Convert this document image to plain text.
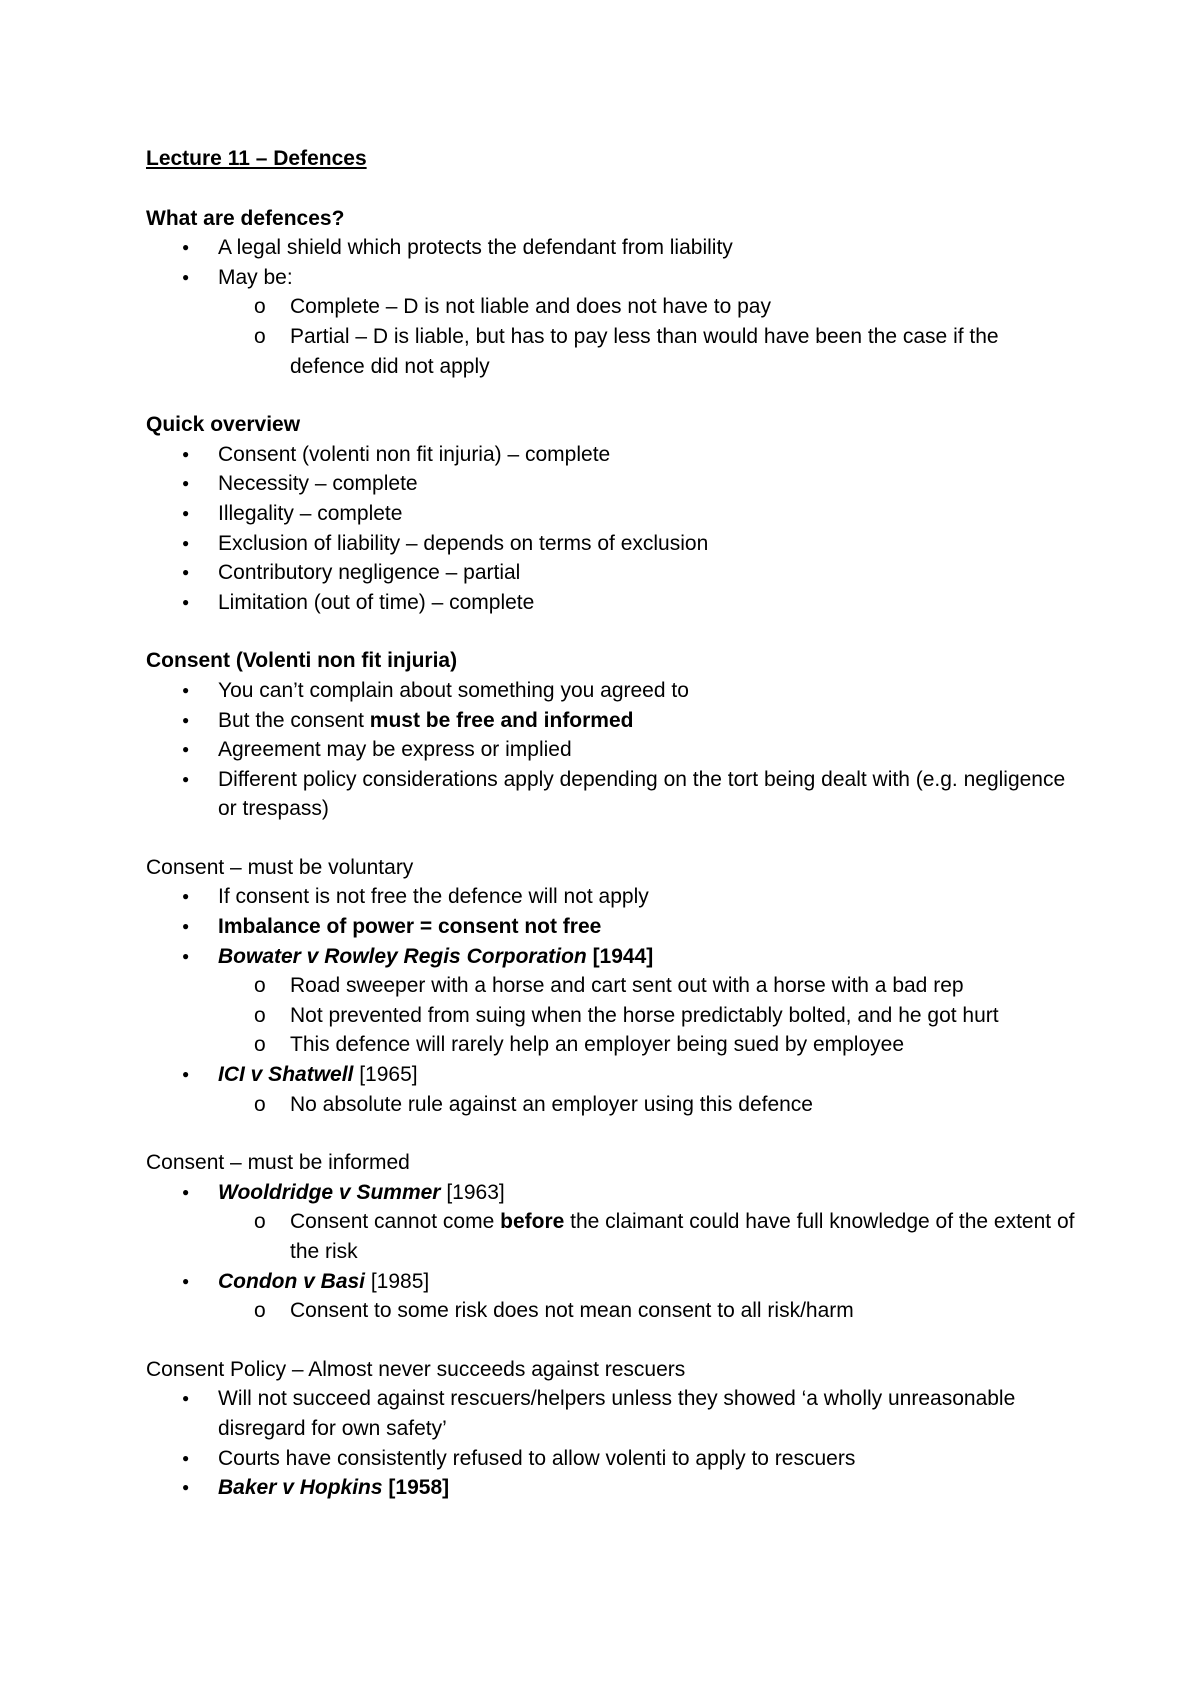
Lecture 11 – Defences
What are defences?
● A legal shield which protects the defendant from liability
● May be:
o Complete – D is not liable and does not have to pay
o Partial – D is liable, but has to pay less than would have been the case if the defence did not apply
Quick overview
● Consent (volenti non fit injuria) – complete
● Necessity – complete
● Illegality – complete
● Exclusion of liability – depends on terms of exclusion
● Contributory negligence – partial
● Limitation (out of time) – complete
Consent (Volenti non fit injuria)
● You can’t complain about something you agreed to
● But the consent must be free and informed
● Agreement may be express or implied
● Different policy considerations apply depending on the tort being dealt with (e.g. negligence or trespass)
Consent – must be voluntary
● If consent is not free the defence will not apply
● Imbalance of power = consent not free
● Bowater v Rowley Regis Corporation [1944]
o Road sweeper with a horse and cart sent out with a horse with a bad rep
o Not prevented from suing when the horse predictably bolted, and he got hurt
o This defence will rarely help an employer being sued by employee
● ICI v Shatwell [1965]
o No absolute rule against an employer using this defence
Consent – must be informed
● Wooldridge v Summer [1963]
o Consent cannot come before the claimant could have full knowledge of the extent of the risk
● Condon v Basi [1985]
o Consent to some risk does not mean consent to all risk/harm
Consent Policy – Almost never succeeds against rescuers
● Will not succeed against rescuers/helpers unless they showed ‘a wholly unreasonable disregard for own safety’
● Courts have consistently refused to allow volenti to apply to rescuers
● Baker v Hopkins [1958]
